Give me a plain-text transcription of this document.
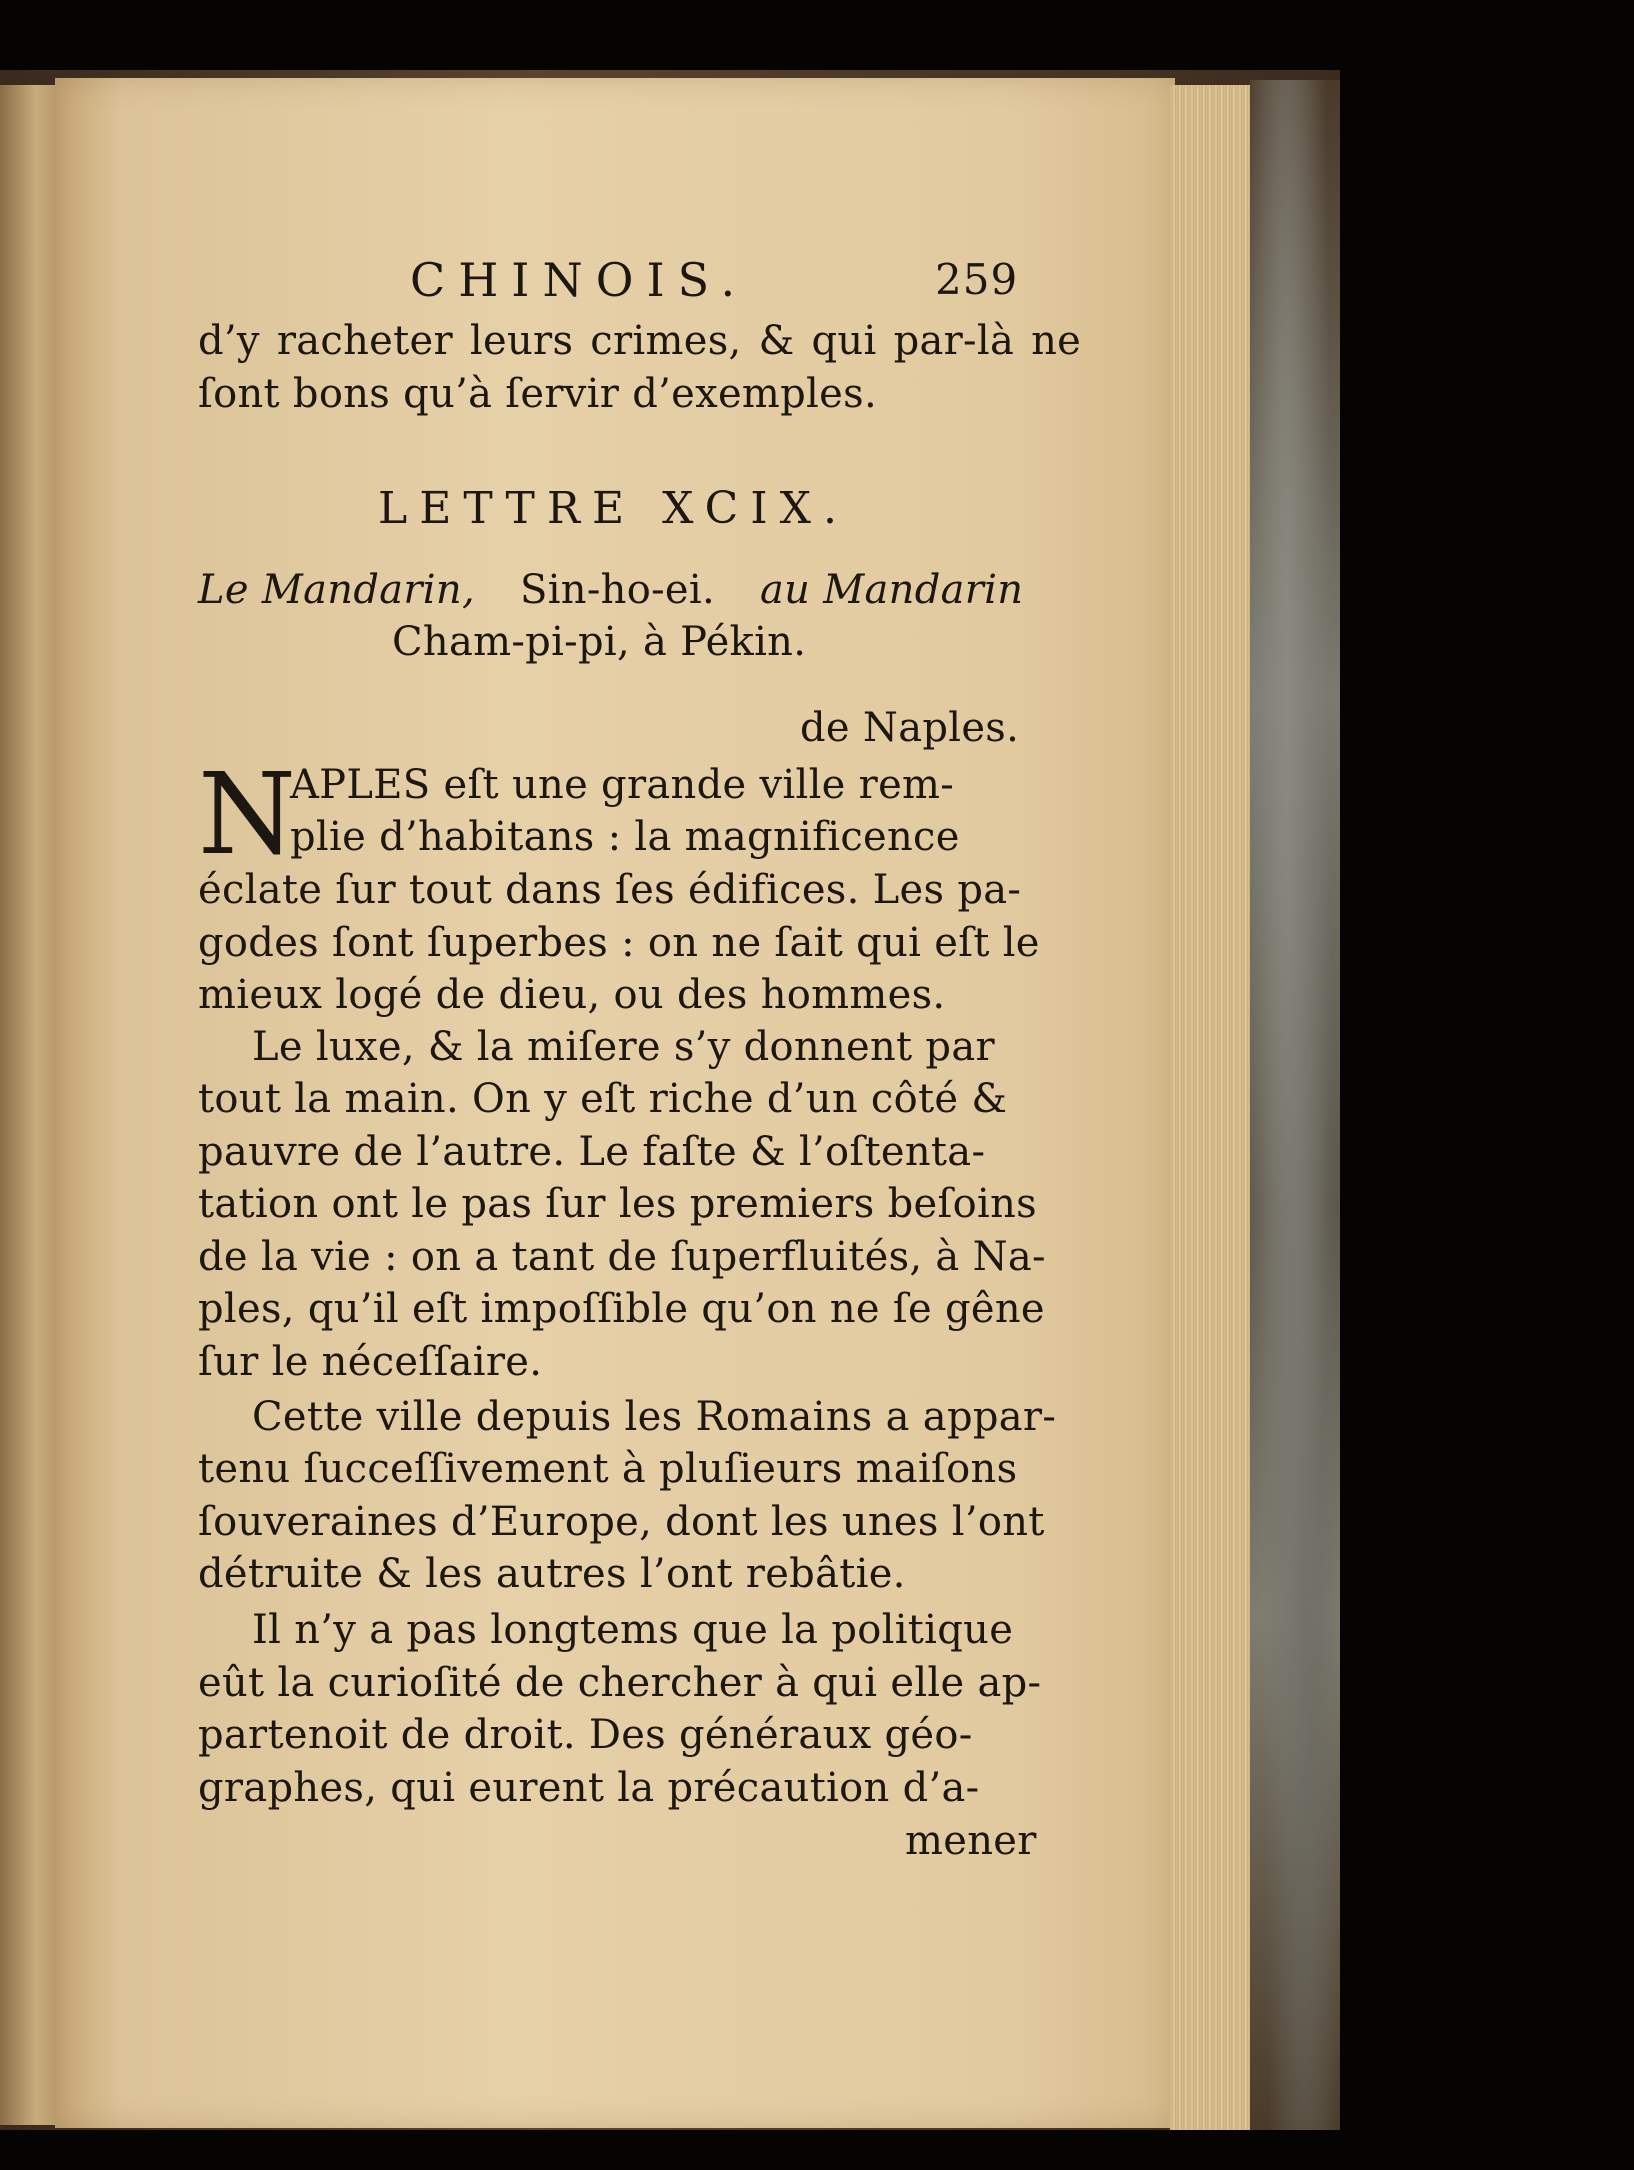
CHINOIS.	259
d’y racheter leurs crimes, & qui par-là ne
ſont bons qu’à ſervir d’exemples.
LETTRE XCIX.
Le Mandarin, Sin-ho-ei. au Mandarin
Cham-pi-pi, à Pékin.
de Naples.
N
APLES eſt une grande ville rem-
plie d’habitans : la magnificence
éclate ſur tout dans ſes édifices. Les pa-
godes ſont ſuperbes : on ne ſait qui eſt le
mieux logé de dieu, ou des hommes.
Le luxe, & la miſere s’y donnent par
tout la main. On y eſt riche d’un côté &
pauvre de l’autre. Le faſte & l’oſtenta-
tation ont le pas ſur les premiers beſoins
de la vie : on a tant de ſuperfluités, à Na-
ples, qu’il eſt impoſſible qu’on ne ſe gêne
ſur le néceſſaire.
Cette ville depuis les Romains a appar-
tenu ſucceſſivement à pluſieurs maiſons
ſouveraines d’Europe, dont les unes l’ont
détruite & les autres l’ont rebâtie.
Il n’y a pas longtems que la politique
eût la curioſité de chercher à qui elle ap-
partenoit de droit. Des généraux géo-
graphes, qui eurent la précaution d’a-
mener
